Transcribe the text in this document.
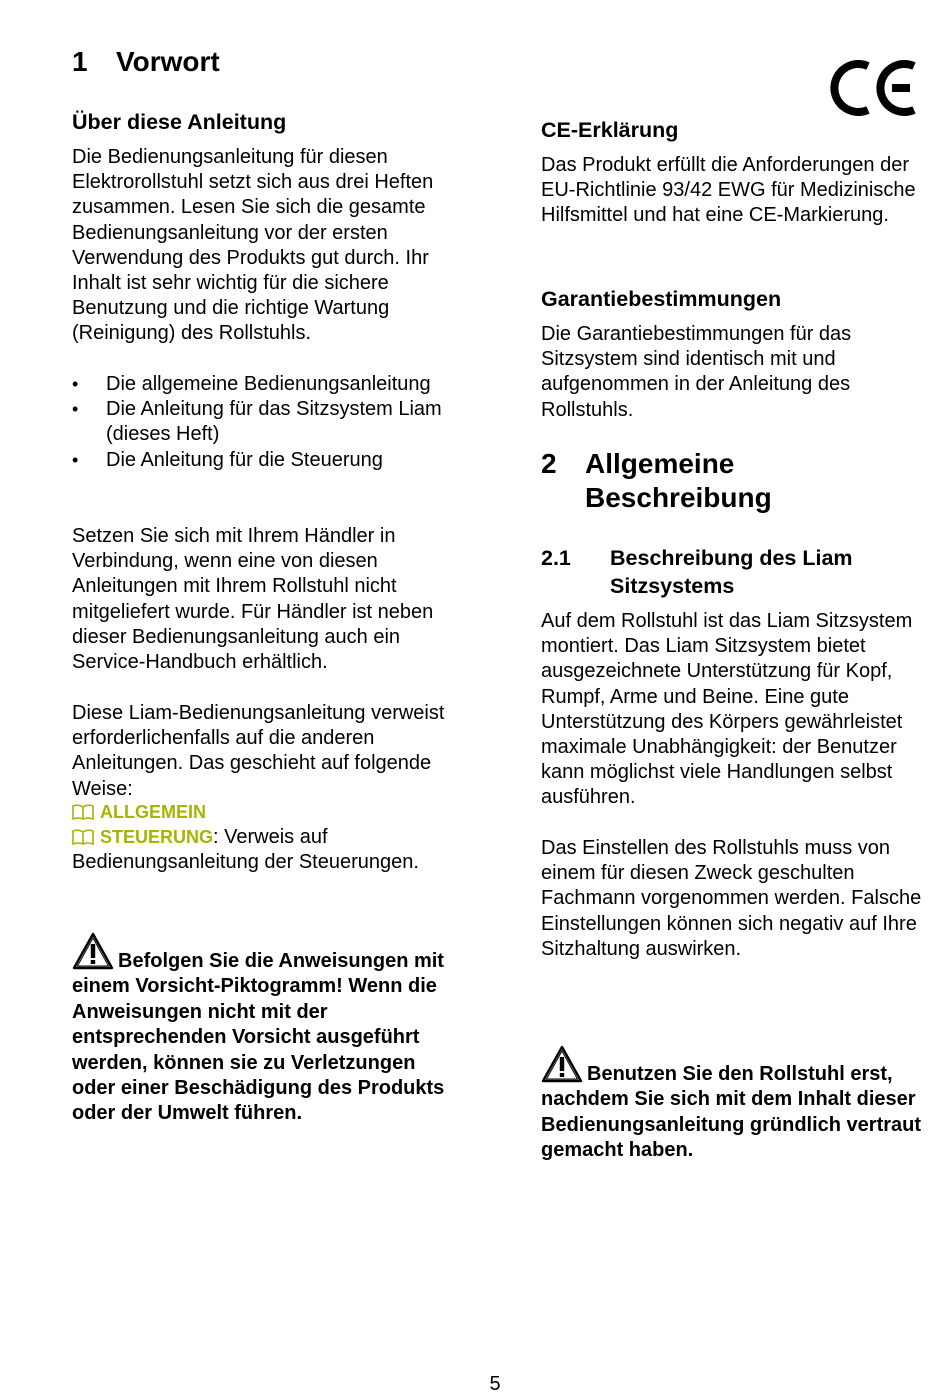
1 Vorwort
Über diese Anleitung

Die Bedienungsanleitung für diesen Elektrorollstuhl setzt sich aus drei Heften zusammen. Lesen Sie sich die gesamte Bedienungsanleitung vor der ersten Verwendung des Produkts gut durch. Ihr Inhalt ist sehr wichtig für die sichere Benutzung und die richtige Wartung (Reinigung) des Rollstuhls.

• Die allgemeine Bedienungsanleitung
• Die Anleitung für das Sitzsystem Liam (dieses Heft)
• Die Anleitung für die Steuerung

Setzen Sie sich mit Ihrem Händler in Verbindung, wenn eine von diesen Anleitungen mit Ihrem Rollstuhl nicht mitgeliefert wurde. Für Händler ist neben dieser Bedienungsanleitung auch ein Service-Handbuch erhältlich.

Diese Liam-Bedienungsanleitung verweist erforderlichenfalls auf die anderen Anleitungen. Das geschieht auf folgende Weise:

ALLGEMEIN
STEUERUNG: Verweis auf Bedienungsanleitung der Steuerungen.
Befolgen Sie die Anweisungen mit einem Vorsicht-Piktogramm! Wenn die Anweisungen nicht mit der entsprechenden Vorsicht ausgeführt werden, können sie zu Verletzungen oder einer Beschädigung des Produkts oder der Umwelt führen.
CE-Erklärung

Das Produkt erfüllt die Anforderungen der EU-Richtlinie 93/42 EWG für Medizinische Hilfsmittel und hat eine CE-Markierung.

Garantiebestimmungen

Die Garantiebestimmungen für das Sitzsystem sind identisch mit und aufgenommen in der Anleitung des Rollstuhls.

2	Allgemeine Beschreibung
2.1	Beschreibung des Liam Sitzsystems

Auf dem Rollstuhl ist das Liam Sitzsystem montiert. Das Liam Sitzsystem bietet ausgezeichnete Unterstützung für Kopf, Rumpf, Arme und Beine. Eine gute Unterstützung des Körpers gewährleistet maximale Unabhängigkeit: der Benutzer kann möglichst viele Handlungen selbst ausführen.

Das Einstellen des Rollstuhls muss von einem für diesen Zweck geschulten Fachmann vorgenommen werden. Falsche Einstellungen können sich negativ auf Ihre Sitzhaltung auswirken.

Benutzen Sie den Rollstuhl erst, nachdem Sie sich mit dem Inhalt dieser Bedienungsanleitung gründlich vertraut gemacht haben.
5
